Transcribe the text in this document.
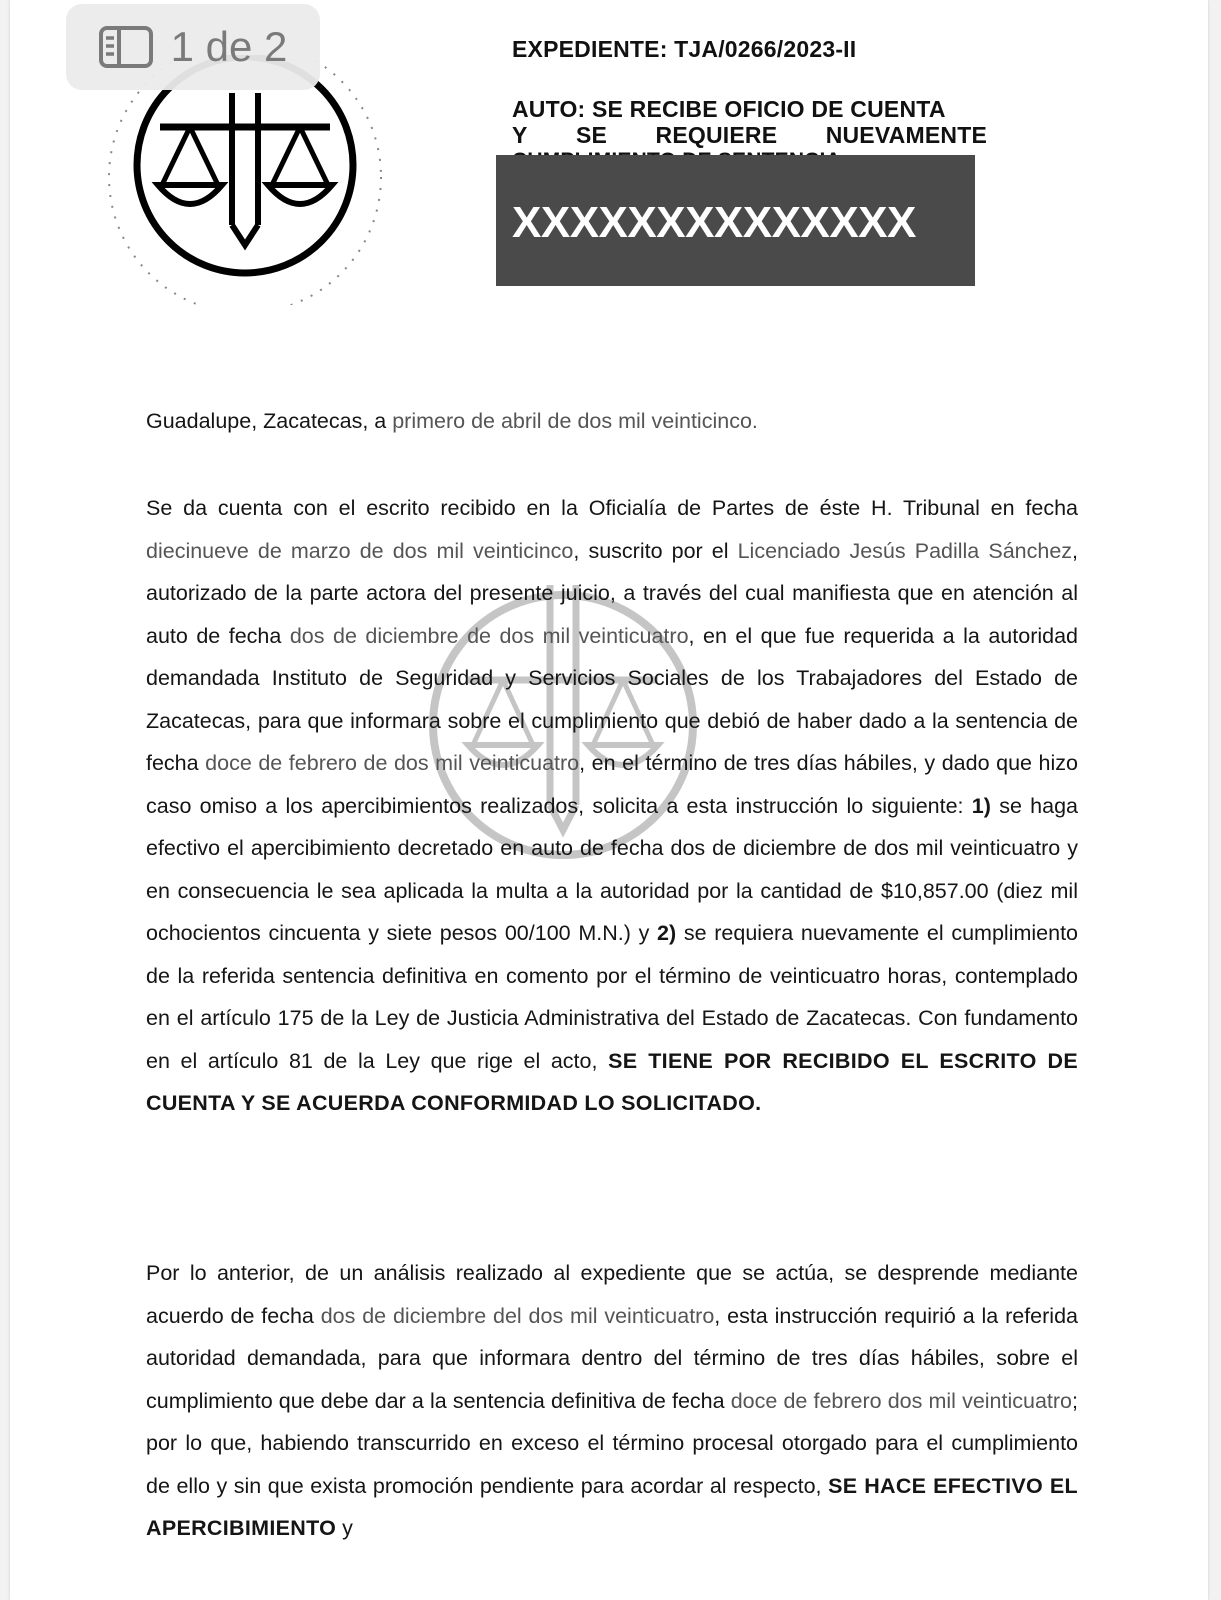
1 de 2	EXPEDIENTE: TJA/0266/2023-II
AUTO: SE RECIBE OFICIO DE CUENTA
Y SE REQUIERE NUEVAMENTE
XXXXXXXXXXXXXX
Guadalupe, Zacatecas, a primero de abril de dos mil veinticinco.
Se da cuenta con el escrito recibido en la Oficialía de Partes de éste H. Tribunal en fecha diecinueve de marzo de dos mil veinticinco, suscrito por el Licenciado Jesús Padilla Sánchez, autorizado de la parte actora del presente juicio, a través del cual manifiesta que en atención al auto de fecha dos de diciembre de dos mil veinticuatro, en el que fue requerida a la autoridad demandada Instituto de Seguridad y Servicios Sociales de los Trabajadores del Estado de Zacatecas, para que informara sobre el cumplimiento que debió de haber dado a la sentencia de fecha doce de febrero de dos mil veinticuatro, en el término de tres días hábiles, y dado que hizo caso omiso a los apercibimientos realizados, solicita a esta instrucción lo siguiente: 1) se haga efectivo el apercibimiento decretado en auto de fecha dos de diciembre de dos mil veinticuatro y en consecuencia le sea aplicada la multa a la autoridad por la cantidad de $10,857.00 (diez mil ochocientos cincuenta y siete pesos 00/100 M.N.) y 2) se requiera nuevamente el cumplimiento de la referida sentencia definitiva en comento por el término de veinticuatro horas, contemplado en el artículo 175 de la Ley de Justicia Administrativa del Estado de Zacatecas. Con fundamento en el artículo 81 de la Ley que rige el acto, SE TIENE POR RECIBIDO EL ESCRITO DE CUENTA Y SE ACUERDA CONFORMIDAD LO SOLICITADO.
Por lo anterior, de un análisis realizado al expediente que se actúa, se desprende mediante acuerdo de fecha dos de diciembre del dos mil veinticuatro, esta instrucción requirió a la referida autoridad demandada, para que informara dentro del término de tres días hábiles, sobre el cumplimiento que debe dar a la sentencia definitiva de fecha doce de febrero dos mil veinticuatro; por lo que, habiendo transcurrido en exceso el término procesal otorgado para el cumplimiento de ello y sin que exista promoción pendiente para acordar al respecto, SE HACE EFECTIVO EL APERCIBIMIENTO y
